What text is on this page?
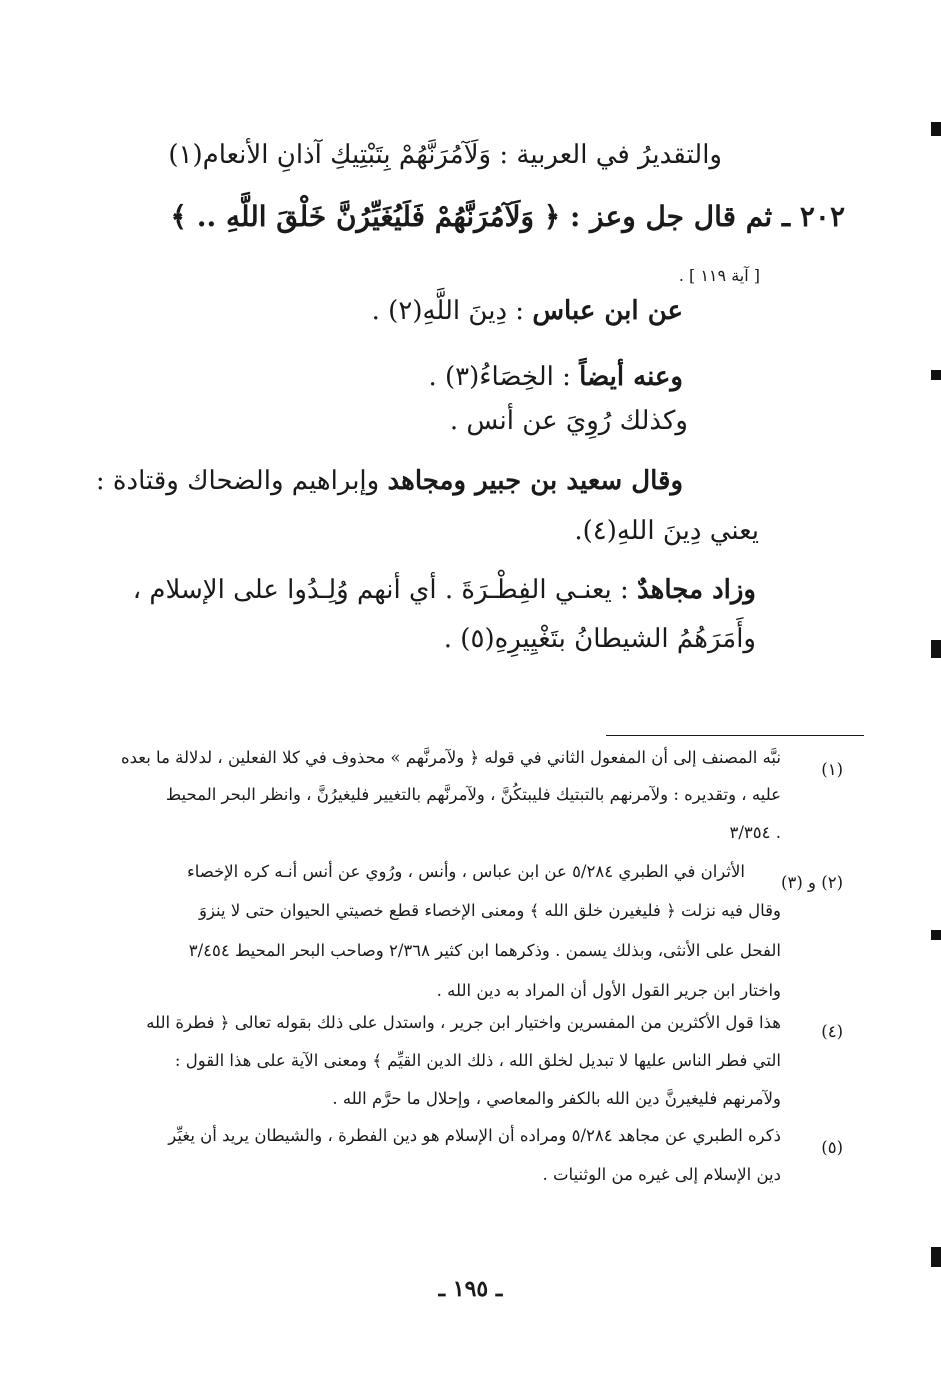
والتقديرُ في العربية : وَلَآمُرَنَّهُمْ بِتَبْتِيكِ آذانِ الأنعام(١)
٢٠٢ ـ ثم قال جل وعز : ﴿ وَلَآمُرَنَّهُمْ فَلَيُغَيِّرُنَّ خَلْقَ اللَّهِ .. ﴾
[ آية ١١٩ ] .
عن ابن عباس : دِينَ اللَّهِ(٢) .
وعنه أيضاً : الخِصَاءُ(٣) .
وكذلك رُوِيَ عن أنس .
وقال سعيد بن جبير ومجاهد وإبراهيم والضحاك وقتادة :
يعني دِينَ اللهِ(٤).
وزاد مجاهدٌ : يعنـي الفِطْـرَةَ . أي أنهم وُلِـدُوا على الإسلام ،
وأَمَرَهُمُ الشيطانُ بتَغْيِيرِهِ(٥) .
(١)
نبَّه المصنف إلى أن المفعول الثاني في قوله ﴿ ولآمرنَّهم » محذوف في كلا الفعلين ، لدلالة ما بعده
عليه ، وتقديره : ولآمرنهم بالتبتيك فليبتكُنَّ ، ولآمرنَّهم بالتغيير فليغيرُنَّ ، وانظر البحر المحيط
٣/٣٥٤ .
(٢) و (٣)
الأثران في الطبري ٥/٢٨٤ عن ابن عباس ، وأنس ، ورُوي عن أنس أنـه كره الإخصاء
وقال فيه نزلت ﴿ فليغيرن خلق الله ﴾ ومعنى الإخصاء قطع خصيتي الحيوان حتى لا ينزوَ
الفحل على الأنثى، وبذلك يسمن . وذكرهما ابن كثير ٢/٣٦٨ وصاحب البحر المحيط ٣/٤٥٤
واختار ابن جرير القول الأول أن المراد به دين الله .
(٤)
هذا قول الأكثرين من المفسرين واختيار ابن جرير ، واستدل على ذلك بقوله تعالى ﴿ فطرة الله
التي فطر الناس عليها لا تبديل لخلق الله ، ذلك الدين القيِّم ﴾ ومعنى الآية على هذا القول :
ولآمرنهم فليغيرنَّ دين الله بالكفر والمعاصي ، وإحلال ما حرَّم الله .
(٥)
ذكره الطبري عن مجاهد ٥/٢٨٤ ومراده أن الإسلام هو دين الفطرة ، والشيطان يريد أن يغيِّر
دين الإسلام إلى غيره من الوثنيات .
ـ ١٩٥ ـ
